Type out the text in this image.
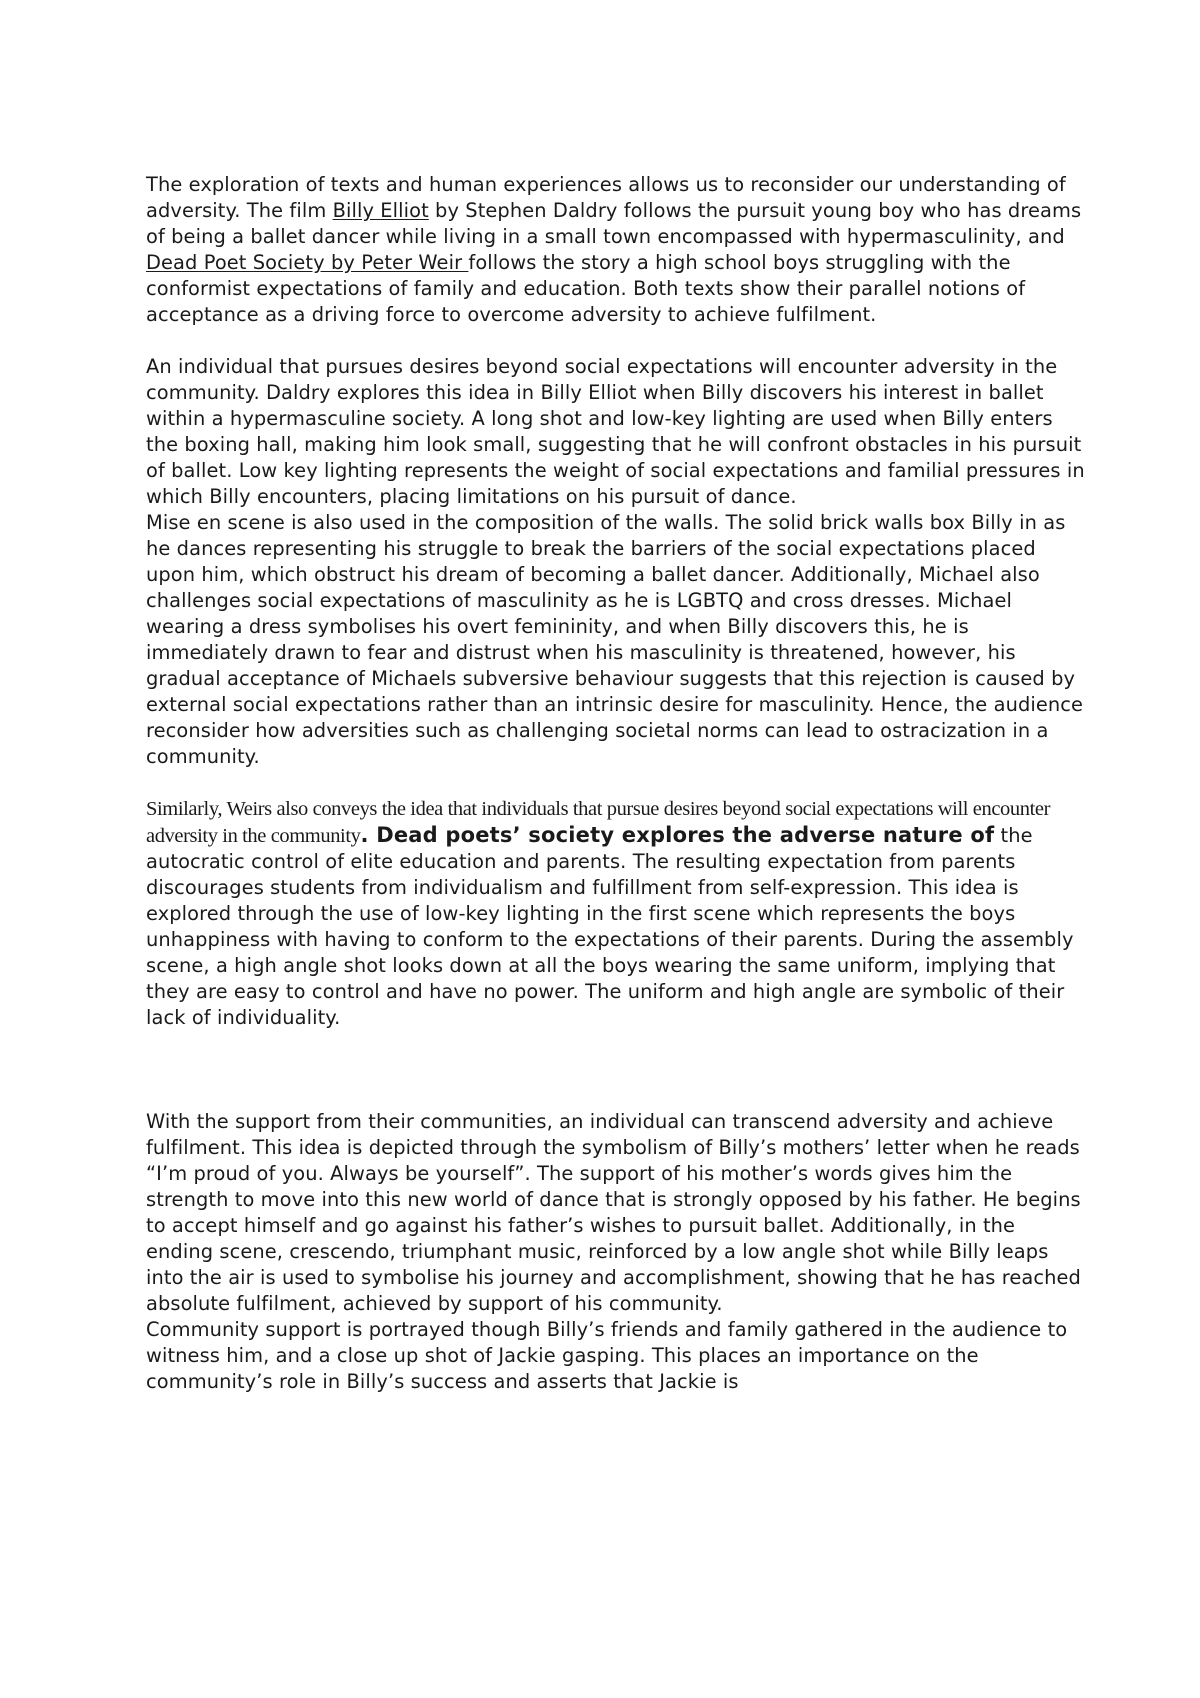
The exploration of texts and human experiences allows us to reconsider our understanding of adversity. The film Billy Elliot by Stephen Daldry follows the pursuit young boy who has dreams of being a ballet dancer while living in a small town encompassed with hypermasculinity, and Dead Poet Society by Peter Weir follows the story a high school boys struggling with the conformist expectations of family and education. Both texts show their parallel notions of acceptance as a driving force to overcome adversity to achieve fulfilment.

An individual that pursues desires beyond social expectations will encounter adversity in the community. Daldry explores this idea in Billy Elliot when Billy discovers his interest in ballet within a hypermasculine society. A long shot and low-key lighting are used when Billy enters the boxing hall, making him look small, suggesting that he will confront obstacles in his pursuit of ballet. Low key lighting represents the weight of social expectations and familial pressures in which Billy encounters, placing limitations on his pursuit of dance.

Mise en scene is also used in the composition of the walls. The solid brick walls box Billy in as he dances representing his struggle to break the barriers of the social expectations placed upon him, which obstruct his dream of becoming a ballet dancer. Additionally, Michael also challenges social expectations of masculinity as he is LGBTQ and cross dresses. Michael wearing a dress symbolises his overt femininity, and when Billy discovers this, he is immediately drawn to fear and distrust when his masculinity is threatened, however, his gradual acceptance of Michaels subversive behaviour suggests that this rejection is caused by external social expectations rather than an intrinsic desire for masculinity. Hence, the audience reconsider how adversities such as challenging societal norms can lead to ostracization in a community.

Similarly, Weirs also conveys the idea that individuals that pursue desires beyond social expectations will encounter adversity in the community. Dead poets’ society explores the adverse nature of the autocratic control of elite education and parents. The resulting expectation from parents discourages students from individualism and fulfillment from self-expression. This idea is explored through the use of low-key lighting in the first scene which represents the boys unhappiness with having to conform to the expectations of their parents. During the assembly scene, a high angle shot looks down at all the boys wearing the same uniform, implying that they are easy to control and have no power. The uniform and high angle are symbolic of their lack of individuality.

With the support from their communities, an individual can transcend adversity and achieve fulfilment. This idea is depicted through the symbolism of Billy’s mothers’ letter when he reads “I’m proud of you. Always be yourself”. The support of his mother’s words gives him the strength to move into this new world of dance that is strongly opposed by his father. He begins to accept himself and go against his father’s wishes to pursuit ballet. Additionally, in the ending scene, crescendo, triumphant music, reinforced by a low angle shot while Billy leaps into the air is used to symbolise his journey and accomplishment, showing that he has reached absolute fulfilment, achieved by support of his community.

Community support is portrayed though Billy’s friends and family gathered in the audience to witness him, and a close up shot of Jackie gasping. This places an importance on the community’s role in Billy’s success and asserts that Jackie is
